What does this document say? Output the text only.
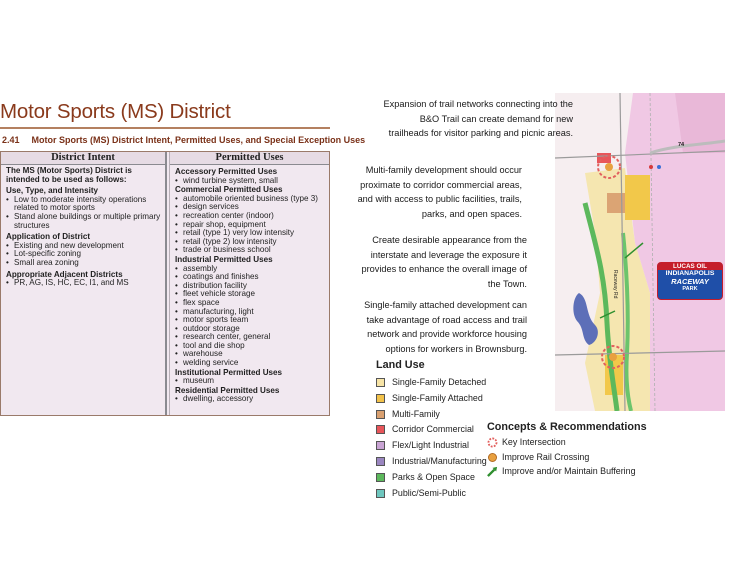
Motor Sports (MS) District
2.41 Motor Sports (MS) District Intent, Permitted Uses, and Special Exception Uses
District Intent
The MS (Motor Sports) District is intended to be used as follows:
Use, Type, and Intensity
• Low to moderate intensity operations related to motor sports
• Stand alone buildings or multiple primary structures
Application of District
• Existing and new development
• Lot-specific zoning
• Small area zoning
Appropriate Adjacent Districts
• PR, AG, IS, HC, EC, I1, and MS
Permitted Uses
Accessory Permitted Uses
• wind turbine system, small
Commercial Permitted Uses
• automobile oriented business (type 3)
• design services
• recreation center (indoor)
• repair shop, equipment
• retail (type 1) very low intensity
• retail (type 2) low intensity
• trade or business school
Industrial Permitted Uses
• assembly
• coatings and finishes
• distribution facility
• fleet vehicle storage
• flex space
• manufacturing, light
• motor sports team
• outdoor storage
• research center, general
• tool and die shop
• warehouse
• welding service
Institutional Permitted Uses
• museum
Residential Permitted Uses
• dwelling, accessory
74
Raceway Rd
LUCAS OIL
INDIANAPOLIS
RACEWAY
PARK
Expansion of trail networks connecting into the B&O Trail can create demand for new trailheads for visitor parking and picnic areas.
Multi-family development should occur proximate to corridor commercial areas, and with access to public facilities, trails, parks, and open spaces.
Create desirable appearance from the interstate and leverage the exposure it provides to enhance the overall image of the Town.
Single-family attached development can take advantage of road access and trail network and provide workforce housing options for workers in Brownsburg.
Land Use
Single-Family Detached
Single-Family Attached
Multi-Family
Corridor Commercial
Flex/Light Industrial
Industrial/Manufacturing
Parks & Open Space
Public/Semi-Public
Concepts & Recommendations
Key Intersection
Improve Rail Crossing
Improve and/or Maintain Buffering
